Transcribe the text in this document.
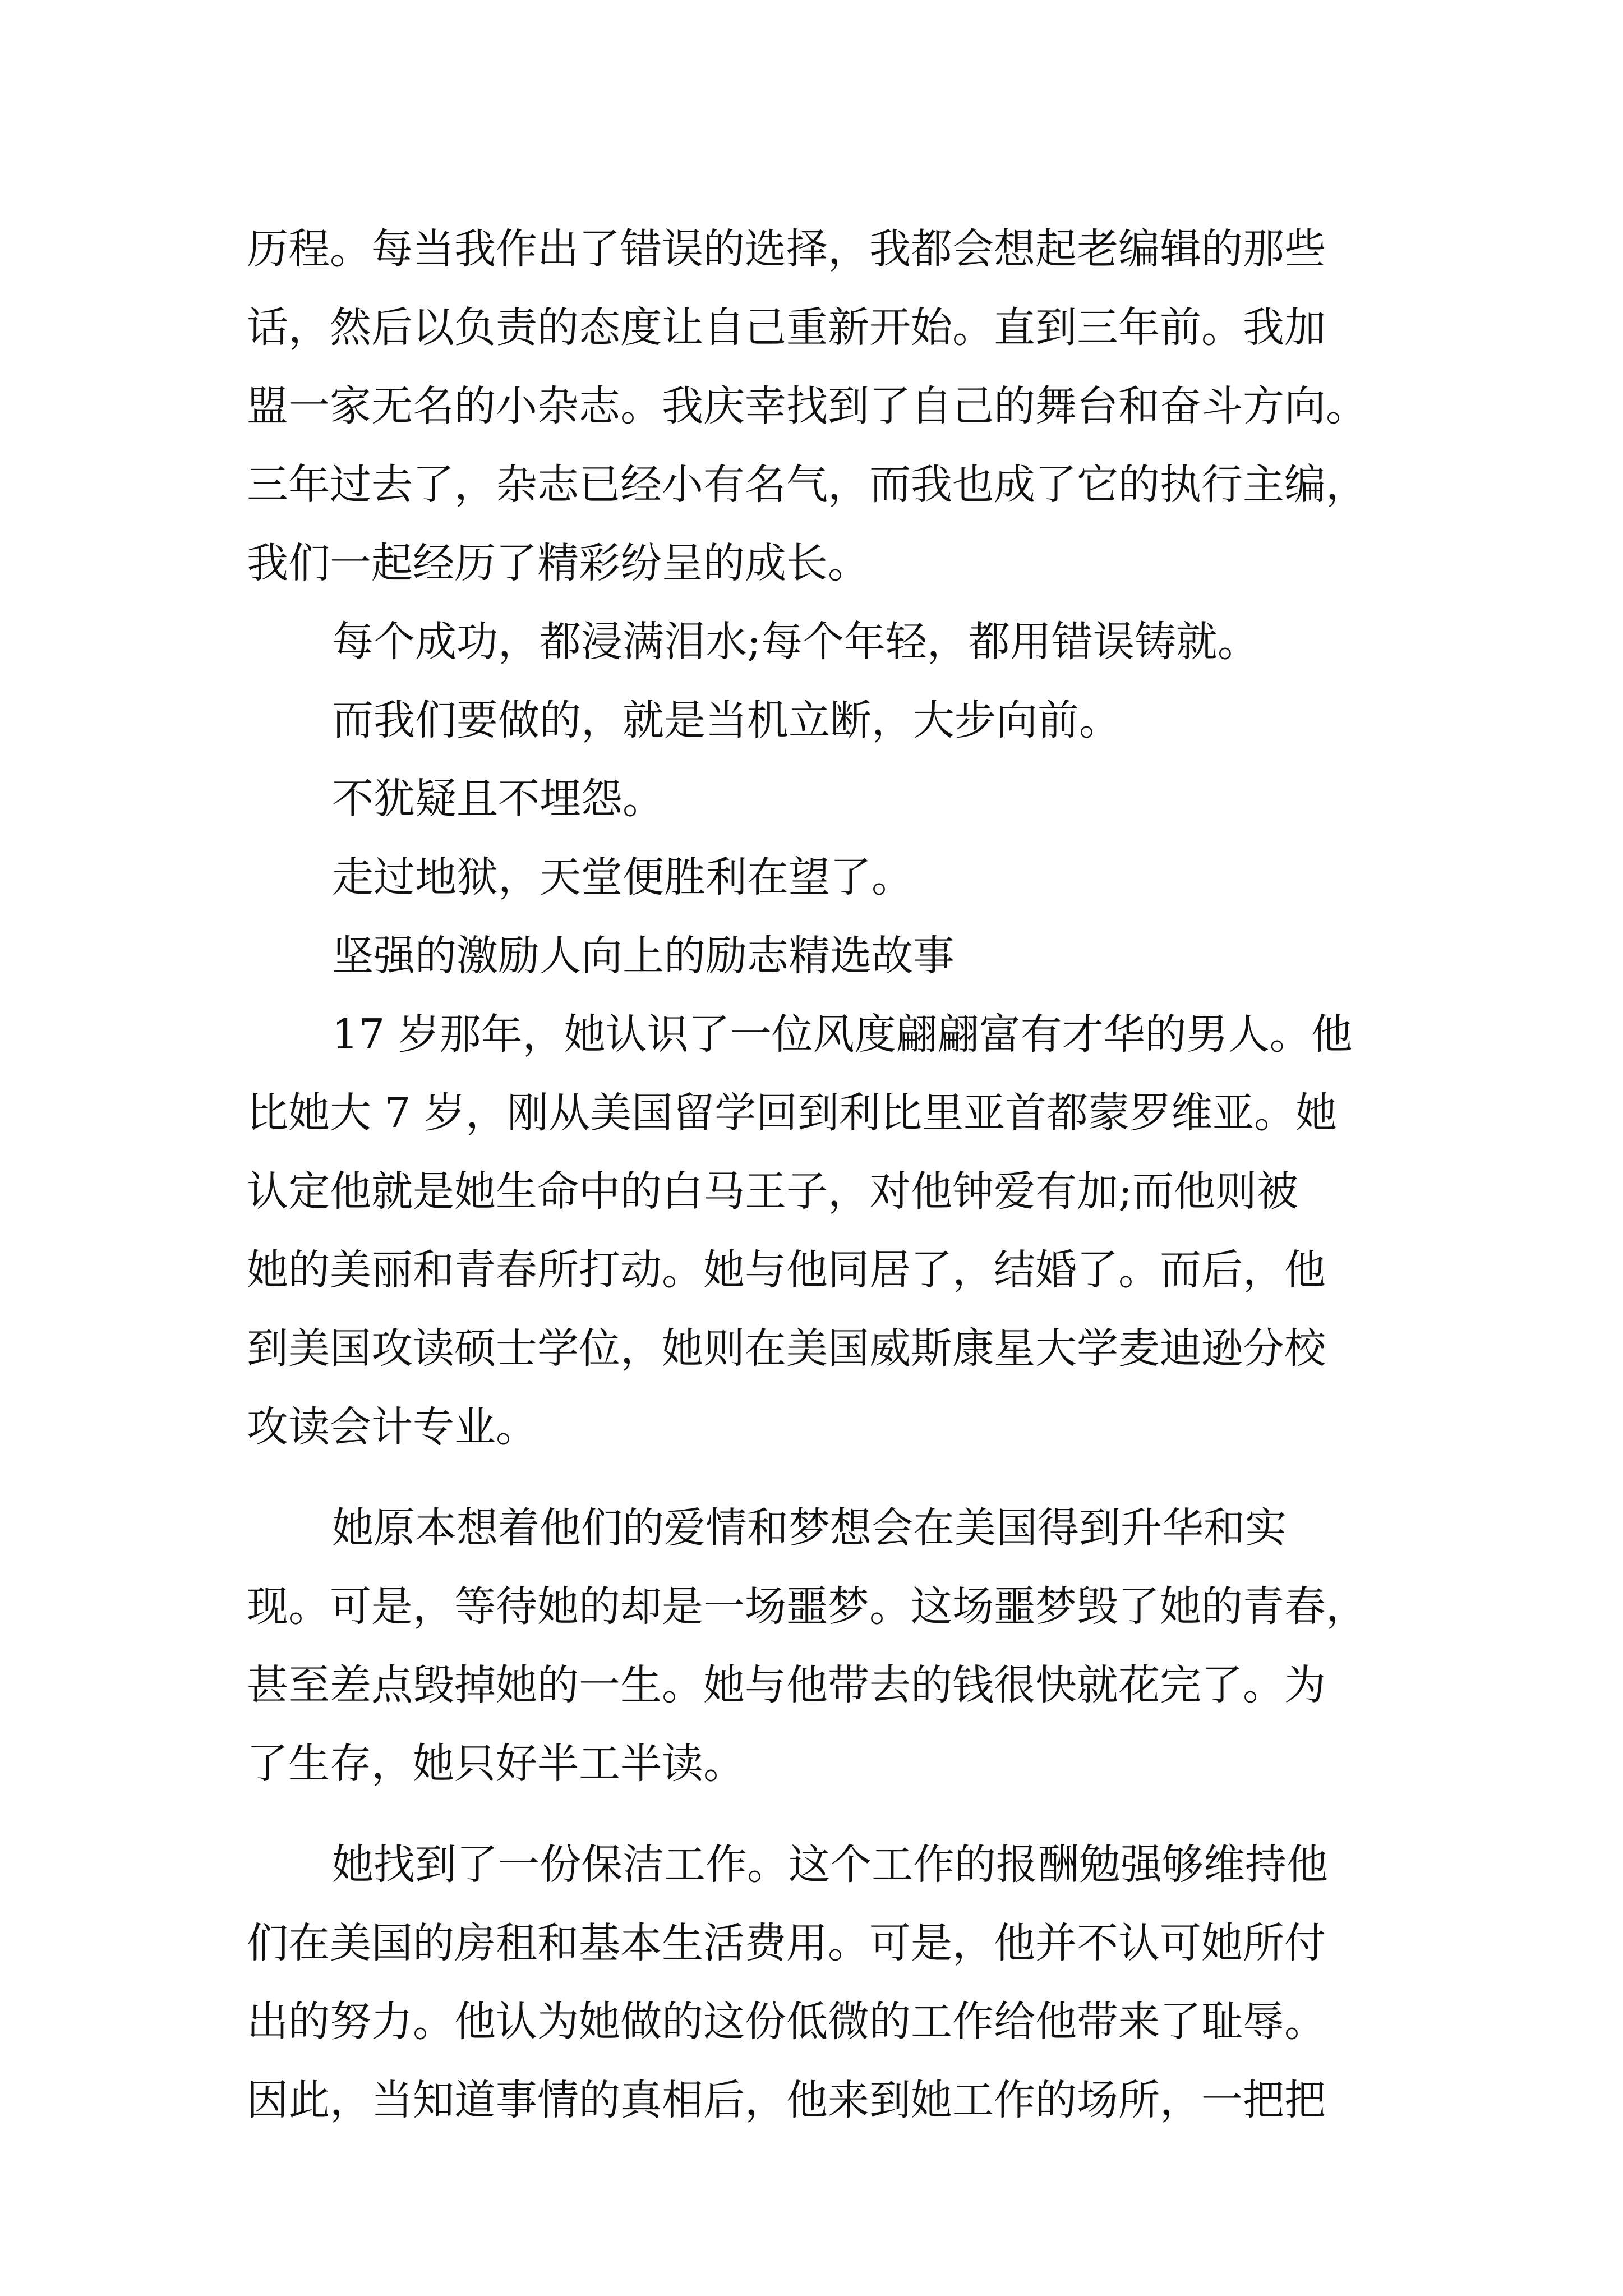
历程。每当我作出了错误的选择，我都会想起老编辑的那些

话，然后以负责的态度让自己重新开始。直到三年前。我加

盟一家无名的小杂志。我庆幸找到了自己的舞台和奋斗方向。

三年过去了，杂志已经小有名气，而我也成了它的执行主编，

我们一起经历了精彩纷呈的成长。

每个成功，都浸满泪水;每个年轻，都用错误铸就。

而我们要做的，就是当机立断，大步向前。

不犹疑且不埋怨。

走过地狱，天堂便胜利在望了。

坚强的激励人向上的励志精选故事

17 岁那年，她认识了一位风度翩翩富有才华的男人。他

比她大 7 岁，刚从美国留学回到利比里亚首都蒙罗维亚。她

认定他就是她生命中的白马王子，对他钟爱有加;而他则被

她的美丽和青春所打动。她与他同居了，结婚了。而后，他

到美国攻读硕士学位，她则在美国威斯康星大学麦迪逊分校

攻读会计专业。

她原本想着他们的爱情和梦想会在美国得到升华和实

现。可是，等待她的却是一场噩梦。这场噩梦毁了她的青春，

甚至差点毁掉她的一生。她与他带去的钱很快就花完了。为

了生存，她只好半工半读。

她找到了一份保洁工作。这个工作的报酬勉强够维持他

们在美国的房租和基本生活费用。可是，他并不认可她所付

出的努力。他认为她做的这份低微的工作给他带来了耻辱。

因此，当知道事情的真相后，他来到她工作的场所，一把把
